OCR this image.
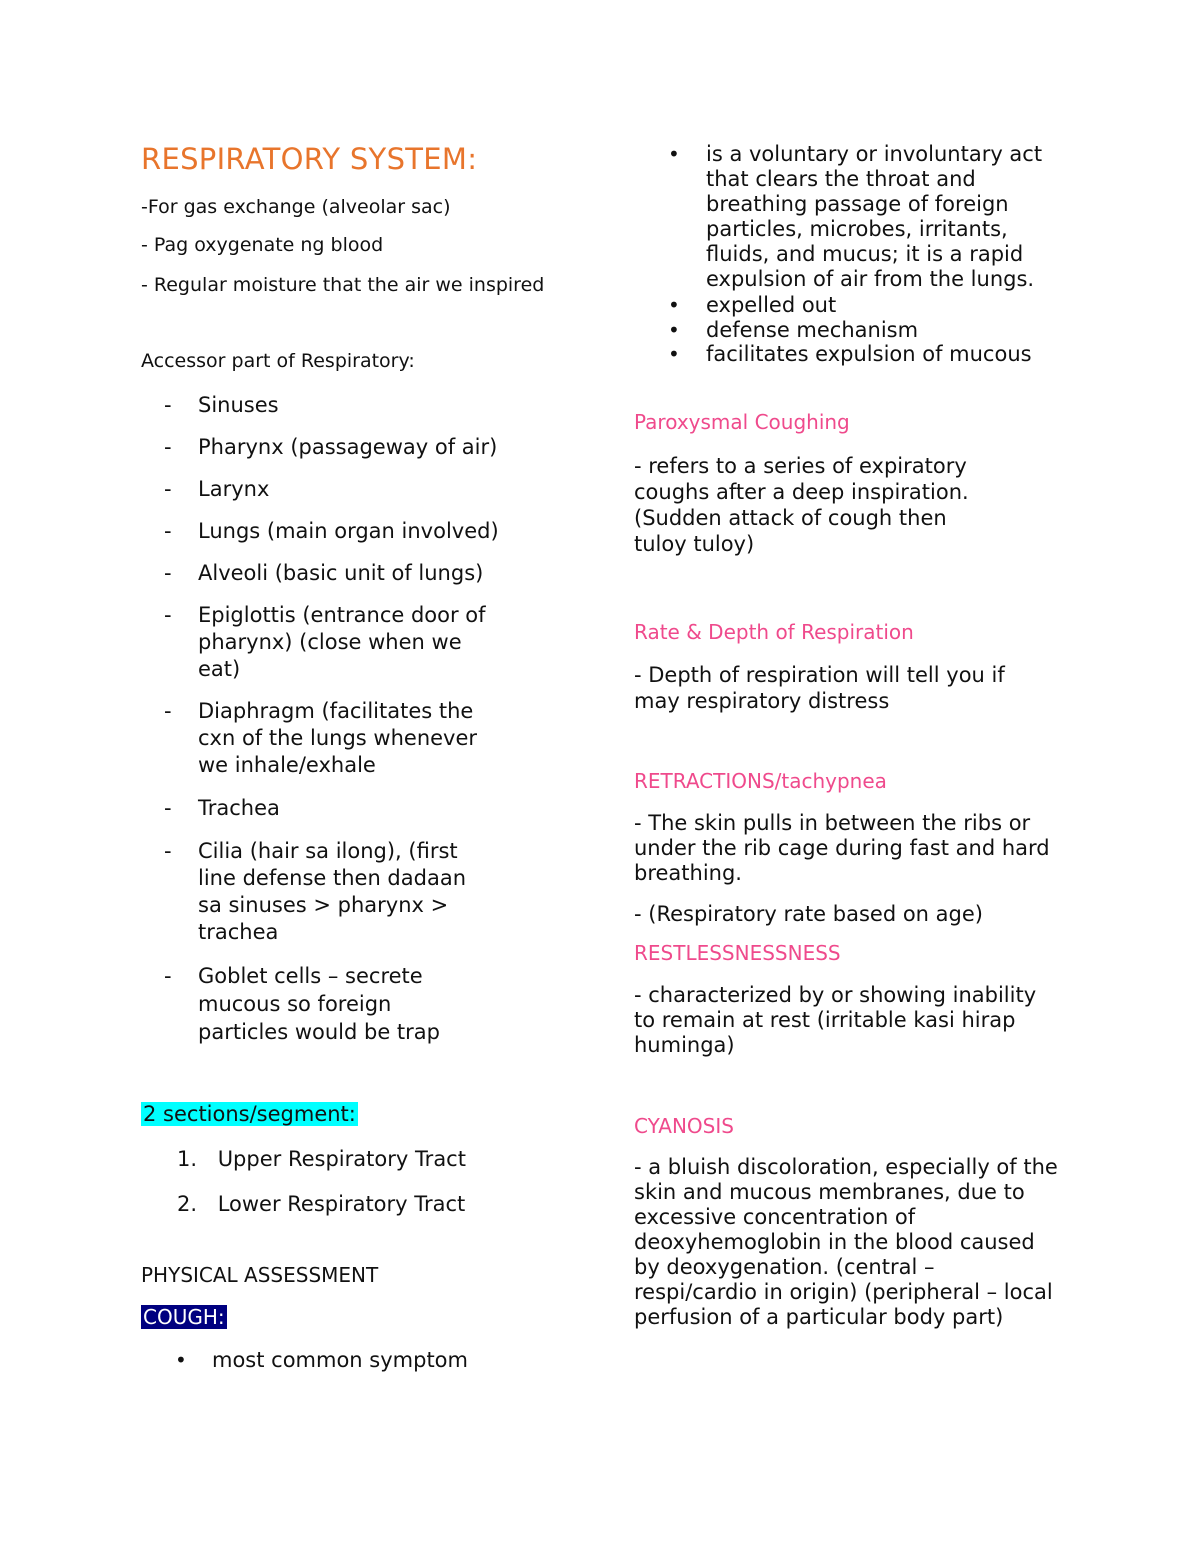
RESPIRATORY SYSTEM:
-For gas exchange (alveolar sac)
- Pag oxygenate ng blood
- Regular moisture that the air we inspired
Accessor part of Respiratory:
- Sinuses
- Pharynx (passageway of air)
- Larynx
- Lungs (main organ involved)
- Alveoli (basic unit of lungs)
- Epiglottis (entrance door of pharynx) (close when we eat)
- Diaphragm (facilitates the cxn of the lungs whenever we inhale/exhale
- Trachea
- Cilia (hair sa ilong), (first line defense then dadaan sa sinuses > pharynx > trachea
- Goblet cells – secrete mucous so foreign particles would be trap
2 sections/segment:
1. Upper Respiratory Tract
2. Lower Respiratory Tract
PHYSICAL ASSESSMENT
COUGH:
• most common symptom
• is a voluntary or involuntary act that clears the throat and breathing passage of foreign particles, microbes, irritants, fluids, and mucus; it is a rapid expulsion of air from the lungs.
• expelled out
• defense mechanism
• facilitates expulsion of mucous
Paroxysmal Coughing
- refers to a series of expiratory coughs after a deep inspiration. (Sudden attack of cough then tuloy tuloy)
Rate & Depth of Respiration
- Depth of respiration will tell you if may respiratory distress
RETRACTIONS/tachypnea
- The skin pulls in between the ribs or under the rib cage during fast and hard breathing.
- (Respiratory rate based on age)
RESTLESSNESSNESS
- characterized by or showing inability to remain at rest (irritable kasi hirap huminga)
CYANOSIS
- a bluish discoloration, especially of the skin and mucous membranes, due to excessive concentration of deoxyhemoglobin in the blood caused by deoxygenation. (central – respi/cardio in origin) (peripheral – local perfusion of a particular body part)
